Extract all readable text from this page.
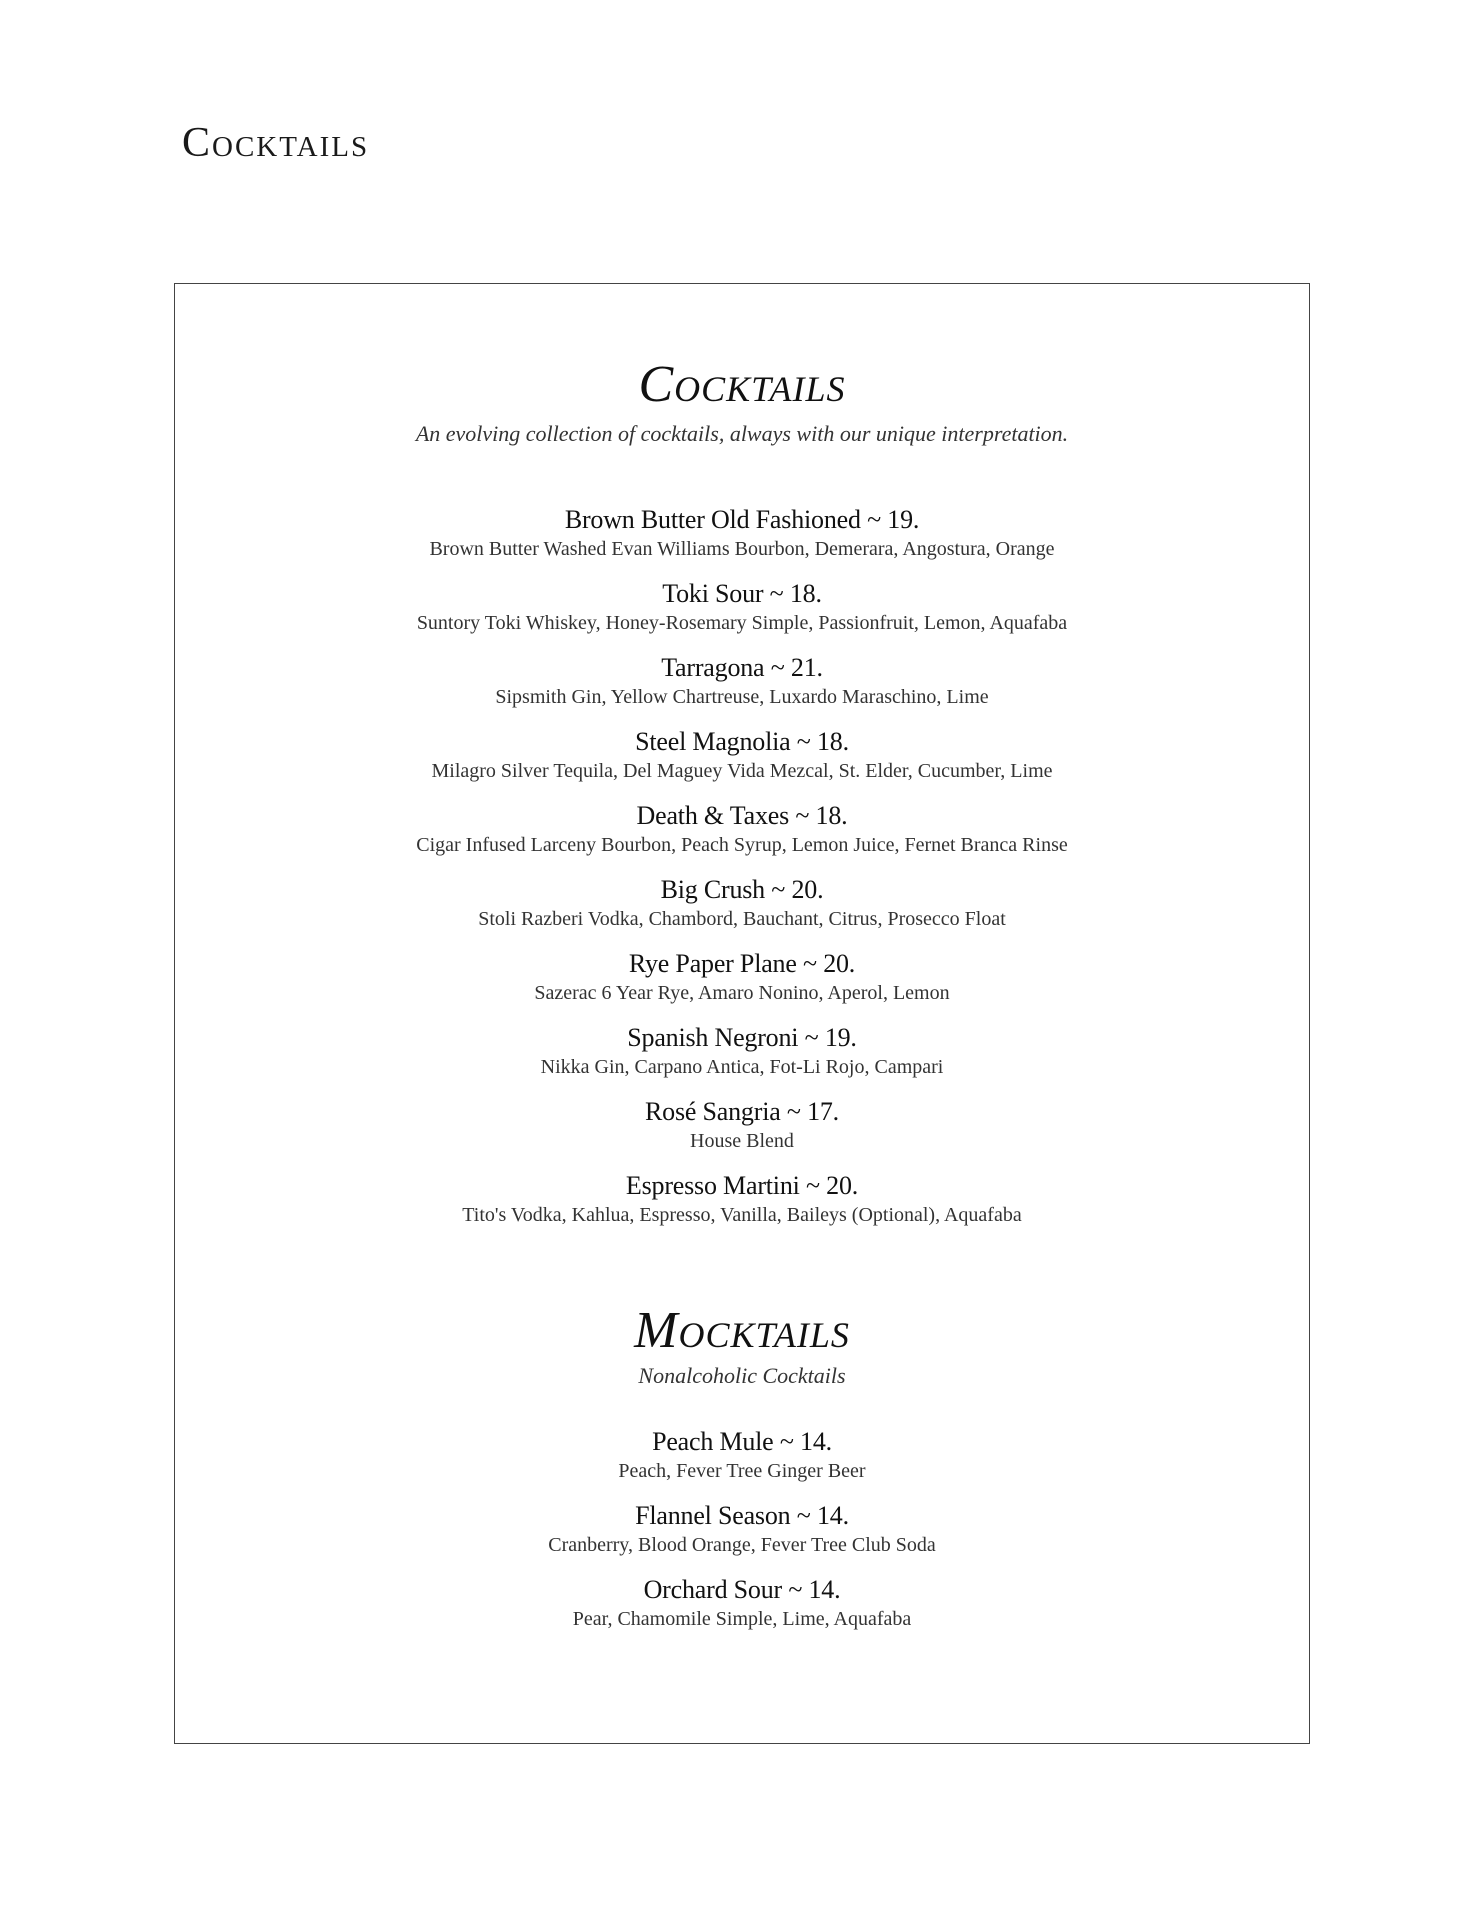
Cocktails
Cocktails

An evolving collection of cocktails, always with our unique interpretation.

Brown Butter Old Fashioned ~ 19.
Brown Butter Washed Evan Williams Bourbon, Demerara, Angostura, Orange
Toki Sour ~ 18.
Suntory Toki Whiskey, Honey-Rosemary Simple, Passionfruit, Lemon, Aquafaba
Tarragona ~ 21.
Sipsmith Gin, Yellow Chartreuse, Luxardo Maraschino, Lime
Steel Magnolia ~ 18.
Milagro Silver Tequila, Del Maguey Vida Mezcal, St. Elder, Cucumber, Lime
Death & Taxes ~ 18.
Cigar Infused Larceny Bourbon, Peach Syrup, Lemon Juice, Fernet Branca Rinse
Big Crush ~ 20.
Stoli Razberi Vodka, Chambord, Bauchant, Citrus, Prosecco Float
Rye Paper Plane ~ 20.
Sazerac 6 Year Rye, Amaro Nonino, Aperol, Lemon
Spanish Negroni ~ 19.
Nikka Gin, Carpano Antica, Fot-Li Rojo, Campari
Rosé Sangria ~ 17.
House Blend
Espresso Martini ~ 20.
Tito's Vodka, Kahlua, Espresso, Vanilla, Baileys (Optional), Aquafaba
Mocktails

Nonalcoholic Cocktails

Peach Mule ~ 14.
Peach, Fever Tree Ginger Beer
Flannel Season ~ 14.
Cranberry, Blood Orange, Fever Tree Club Soda
Orchard Sour ~ 14.
Pear, Chamomile Simple, Lime, Aquafaba
